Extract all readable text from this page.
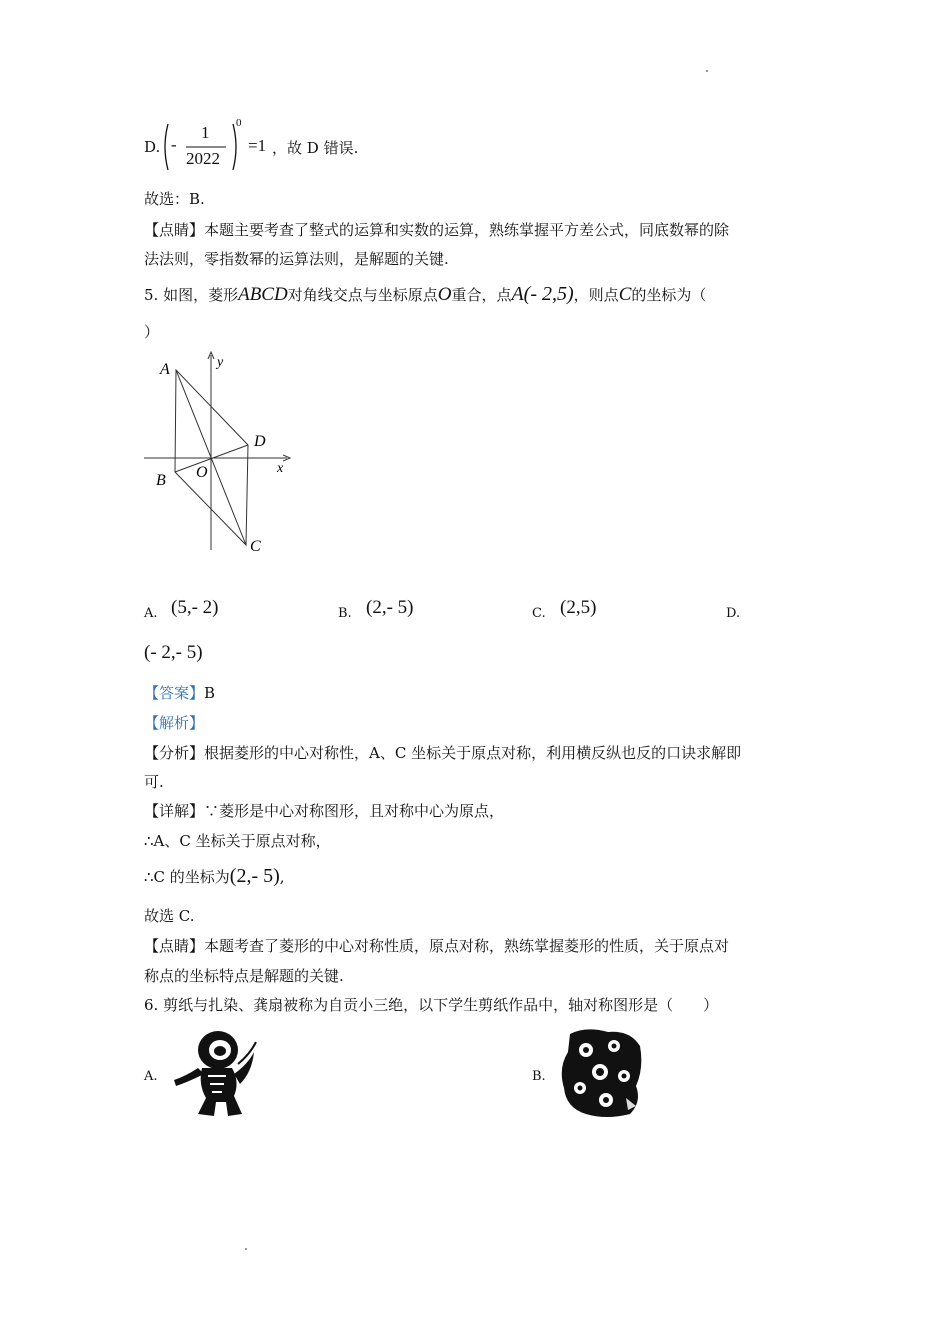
D. -
1
2022
0
=1 ，故 D 错误.
故选：B.
【点睛】本题主要考查了整式的运算和实数的运算，熟练掌握平方差公式，同底数幂的除
法法则，零指数幂的运算法则，是解题的关键.
5. 如图，菱形ABCD对角线交点与坐标原点O重合，点A(- 2,5)，则点C的坐标为（
）
A
B
C
D
O	x
y
A. (5,- 2)	B. (2,- 5)	C. (2,5)	D.
(- 2,- 5)
【答案】B
【解析】
【分析】根据菱形的中心对称性，A、C 坐标关于原点对称，利用横反纵也反的口诀求解即
可.
【详解】∵菱形是中心对称图形，且对称中心为原点，
∴A、C 坐标关于原点对称，
∴C 的坐标为(2,- 5),
故选 C.
【点睛】本题考查了菱形的中心对称性质，原点对称，熟练掌握菱形的性质，关于原点对
称点的坐标特点是解题的关键.
6. 剪纸与扎染、龚扇被称为自贡小三绝，以下学生剪纸作品中，轴对称图形是（　　）
A.	B.
